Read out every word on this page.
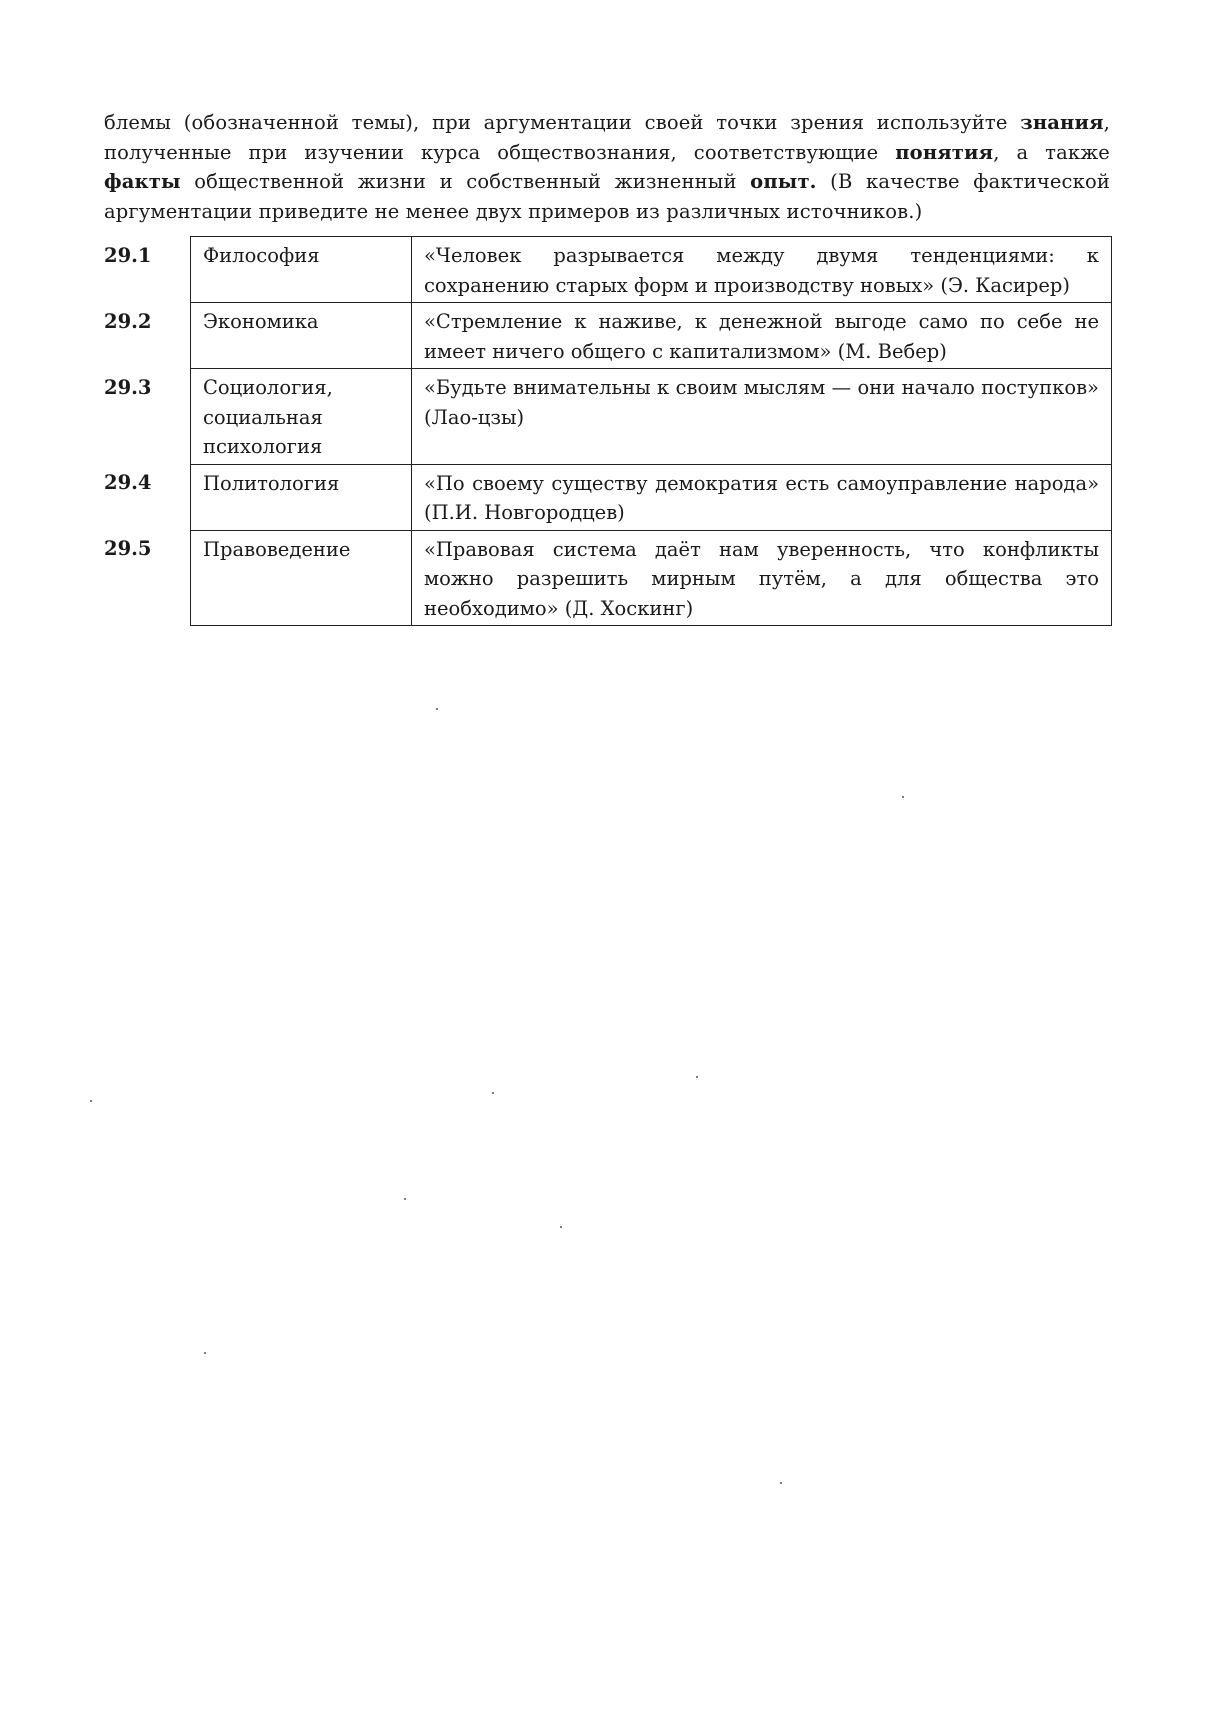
блемы (обозначенной темы), при аргументации своей точки зрения используйте знания,
полученные при изучении курса обществознания, соответствующие понятия, а также
факты общественной жизни и собственный жизненный опыт. (В качестве фактической
аргументации приведите не менее двух примеров из различных источников.)
29.1	Философия	«Человек разрывается между двумя тенденциями: к сохранению старых форм и производству новых» (Э. Касирер)
29.2	Экономика	«Стремление к наживе, к денежной выгоде само по себе не имеет ничего общего с капитализмом» (М. Вебер)
29.3	Социология,
социальная
психология	«Будьте внимательны к своим мыслям — они начало поступков» (Лао-цзы)
29.4	Политология	«По своему существу демократия есть самоуправление народа» (П.И. Новгородцев)
29.5	Правоведение	«Правовая система даёт нам уверенность, что конфликты можно разрешить мирным путём, а для общества это необходимо» (Д. Хоскинг)
